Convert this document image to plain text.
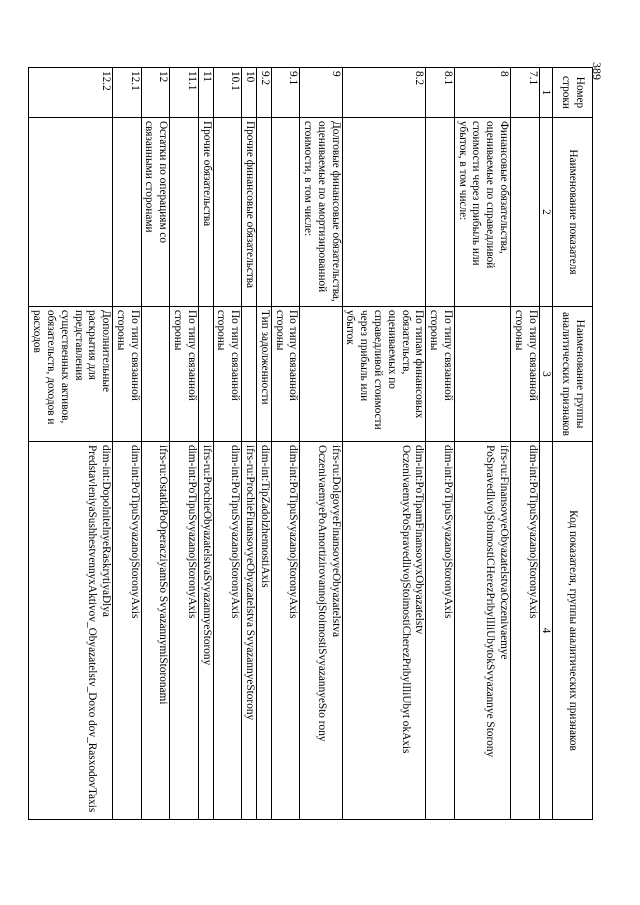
389
Номер строки	Наименование показателя	Наименование группы аналитических признаков	Код показателя, группы аналитических признаков
1	2	3	4
7.1		По типу связанной стороны	dim-int:PoTipuSvyazanojStoronyAxis
8	Финансовые обязательства, оцениваемые по справедливой стоимости через прибыль или убыток, в том числе:		ifrs-ru:FinansovyeObyazatelstvaOczenivaemye PoSpravedlivojStoimostiCHerezPribylIliUbytokSvyazannye Storony
8.1		По типу связанной стороны	dim-int:PoTipuSvyazanojStoronyAxis
8.2		По типам финансовых обязательств, оцениваемых по справедливой стоимости через прибыль или убыток	dim-int:PoTipamFinansovyxObyazatelstv OczenivaemyxPoSpravedlivojStoimostiCherezPribylIliUbyt okAxis
9	Долговые финансовые обязательства, оцениваемые по амортизированной стоимости, в том числе:		ifrs-ru:DolgovyeFinansovyeObyazatelstva OczenivaemyePoAmortizirovannojStoimostiSvyazannyeSto rony
9.1		По типу связанной стороны	dim-int:PoTipuSvyazanojStoronyAxis
9.2		Тип задолженности	dim-int:TipZadolzhennostiAxis
10	Прочие финансовые обязательства		ifrs-ru:ProchieFinansovyeObyazatelstva SvyazannyeStorony
10.1		По типу связанной стороны	dim-int:PoTipuSvyazanojStoronyAxis
11	Прочие обязательства		ifrs-ru:ProchieObyazatelstvaSvyazannyeStorony
11.1		По типу связанной стороны	dim-int:PoTipuSvyazanojStoronyAxis
12	Остатки по операциям со связанными сторонами		ifrs-ru:OstatkiPoOperacziyamSo SvyazannymiStoronami
12.1		По типу связанной стороны	dim-int:PoTipuSvyazanojStoronyAxis
12.2		Дополнительные раскрытия для представления существенных активов, обязательств, доходов и расходов	dim-int:DopolnitelnyeRaskrytiyaDlya PredstavleniyaSushhestvennyxAktivov_Obyazatelstv_Doxo dov_RasxodovTaxis
